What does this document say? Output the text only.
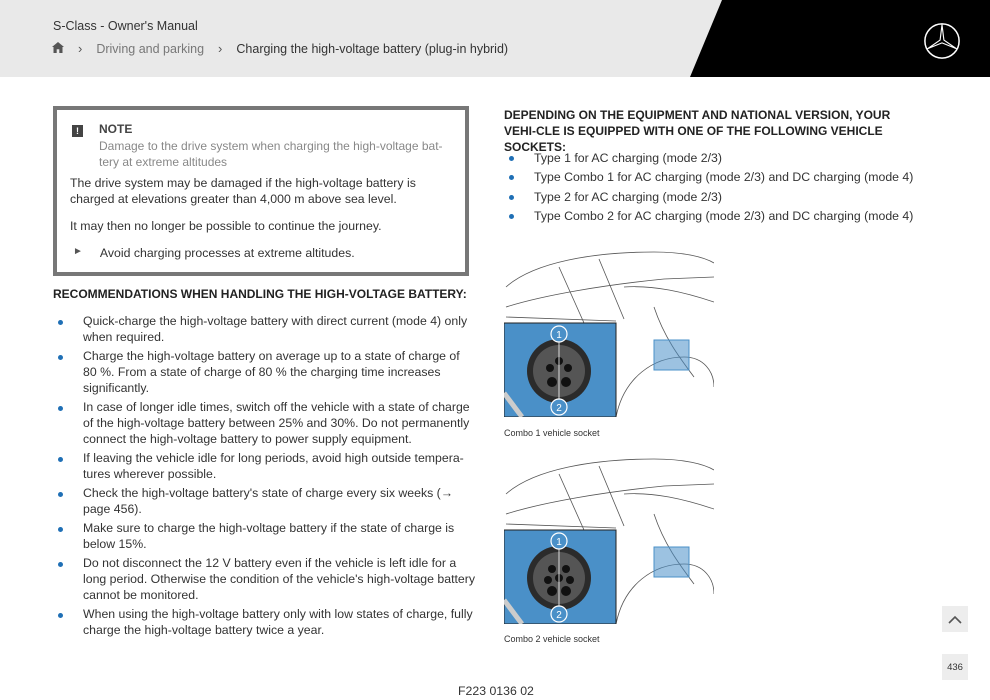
S-Class - Owner's Manual
› Driving and parking › Charging the high-voltage battery (plug-in hybrid)
!	NOTE
Damage to the drive system when charging the high-voltage bat-tery at extreme altitudes
The drive system may be damaged if the high-voltage battery is charged at elevations greater than 4,000 m above sea level.
It may then no longer be possible to continue the journey.
► Avoid charging processes at extreme altitudes.
RECOMMENDATIONS WHEN HANDLING THE HIGH-VOLTAGE BATTERY:
Quick-charge the high-voltage battery with direct current (mode 4) only when required.
Charge the high-voltage battery on average up to a state of charge of 80 %. From a state of charge of 80 % the charging time increases significantly.
In case of longer idle times, switch off the vehicle with a state of charge of the high-voltage battery between 25% and 30%. Do not permanently connect the high-voltage battery to power supply equipment.
If leaving the vehicle idle for long periods, avoid high outside tempera-tures wherever possible.
Check the high-voltage battery's state of charge every six weeks (→ page 456).
Make sure to charge the high-voltage battery if the state of charge is below 15%.
Do not disconnect the 12 V battery even if the vehicle is left idle for a long period. Otherwise the condition of the vehicle's high-voltage battery cannot be monitored.
When using the high-voltage battery only with low states of charge, fully charge the high-voltage battery twice a year.
DEPENDING ON THE EQUIPMENT AND NATIONAL VERSION, YOUR VEHI-CLE IS EQUIPPED WITH ONE OF THE FOLLOWING VEHICLE SOCKETS:
Type 1 for AC charging (mode 2/3)
Type Combo 1 for AC charging (mode 2/3) and DC charging (mode 4)
Type 2 for AC charging (mode 2/3)
Type Combo 2 for AC charging (mode 2/3) and DC charging (mode 4)
1
2
Combo 1 vehicle socket
1
2
Combo 2 vehicle socket
F223 0136 02
436
